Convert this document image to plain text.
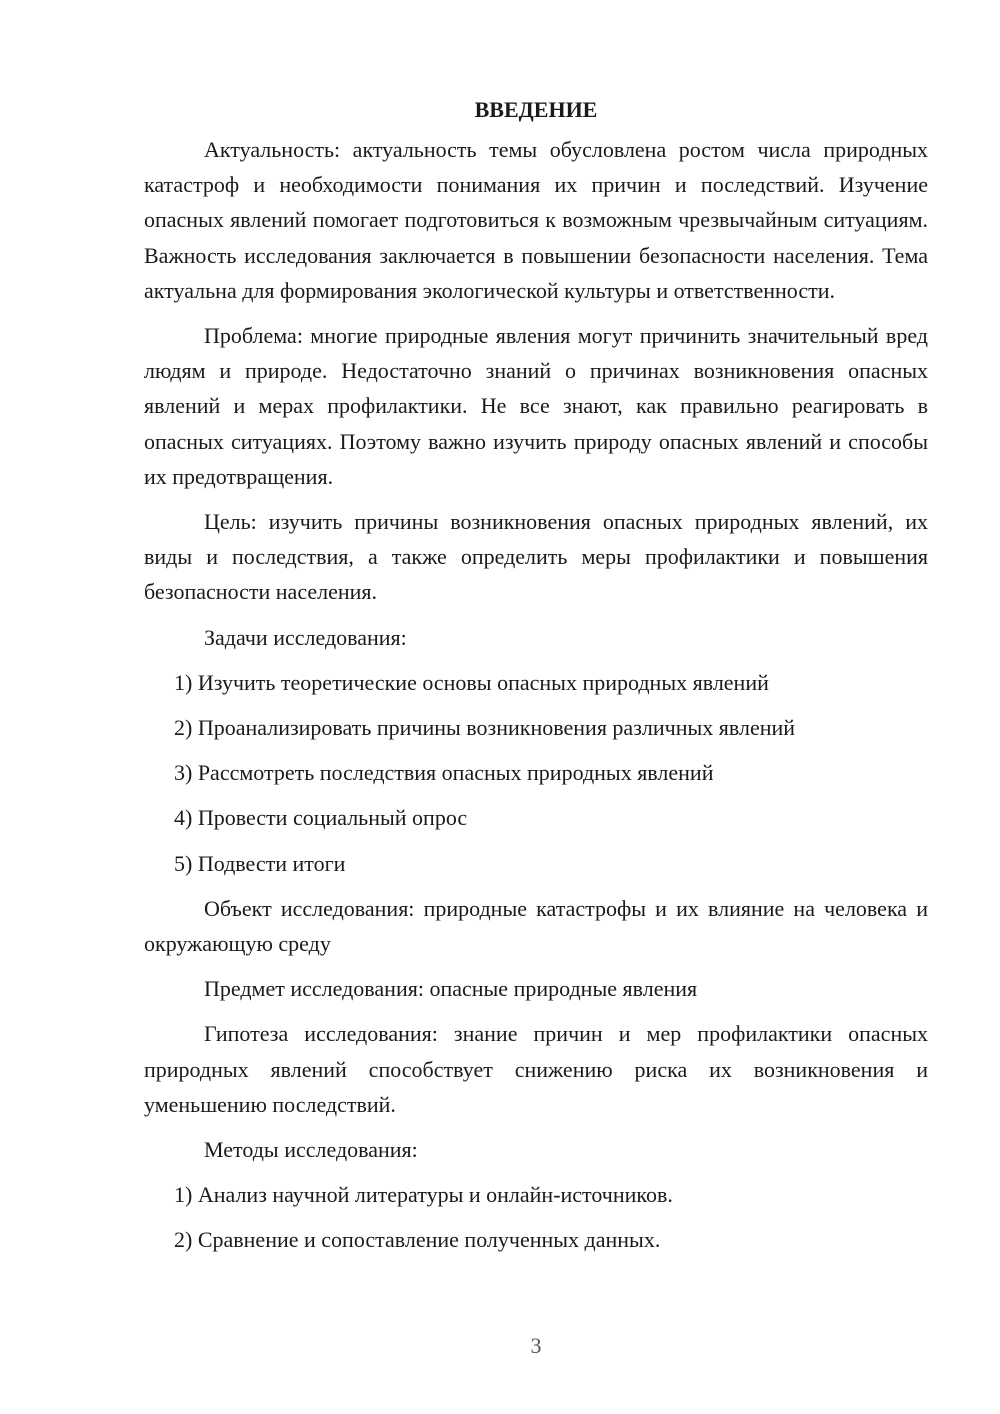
ВВЕДЕНИЕ

Актуальность: актуальность темы обусловлена ростом числа природных катастроф и необходимости понимания их причин и последствий. Изучение опасных явлений помогает подготовиться к возможным чрезвычайным ситуациям. Важность исследования заключается в повышении безопасности населения. Тема актуальна для формирования экологической культуры и ответственности.

Проблема: многие природные явления могут причинить значительный вред людям и природе. Недостаточно знаний о причинах возникновения опасных явлений и мерах профилактики. Не все знают, как правильно реагировать в опасных ситуациях. Поэтому важно изучить природу опасных явлений и способы их предотвращения.

Цель: изучить причины возникновения опасных природных явлений, их виды и последствия, а также определить меры профилактики и повышения безопасности населения.

Задачи исследования:

1) Изучить теоретические основы опасных природных явлений
2) Проанализировать причины возникновения различных явлений
3) Рассмотреть последствия опасных природных явлений
4) Провести социальный опрос
5) Подвести итоги

Объект исследования: природные катастрофы и их влияние на человека и окружающую среду

Предмет исследования: опасные природные явления

Гипотеза исследования: знание причин и мер профилактики опасных природных явлений способствует снижению риска их возникновения и уменьшению последствий.

Методы исследования:

1) Анализ научной литературы и онлайн-источников.
2) Сравнение и сопоставление полученных данных.
3
